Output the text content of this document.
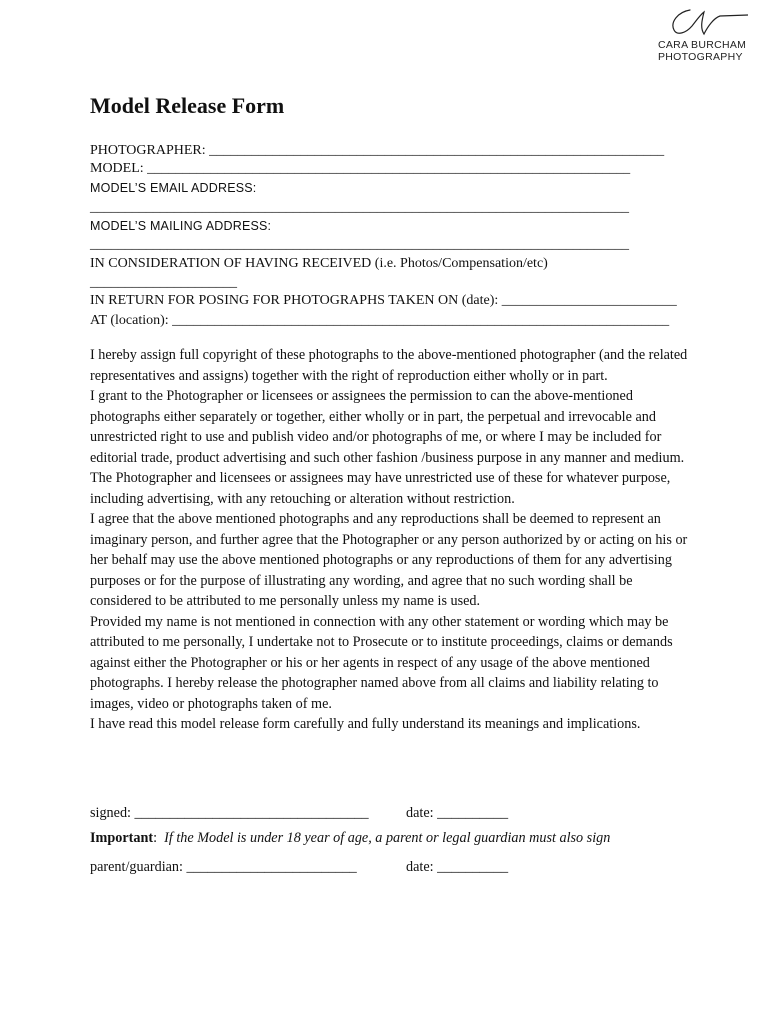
CARA BURCHAM
PHOTOGRAPHY
Model Release Form
PHOTOGRAPHER: _________________________________________________________________
MODEL: _____________________________________________________________________
MODEL’S EMAIL ADDRESS:
_____________________________________________________________________________
MODEL’S MAILING ADDRESS:
_____________________________________________________________________________
IN CONSIDERATION OF HAVING RECEIVED (i.e. Photos/Compensation/etc)
_____________________
IN RETURN FOR POSING FOR PHOTOGRAPHS TAKEN ON (date): _________________________
AT (location): _______________________________________________________________________

I hereby assign full copyright of these photographs to the above-mentioned photographer (and the related representatives and assigns) together with the right of reproduction either wholly or in part.

I grant to the Photographer or licensees or assignees the permission to can the above-mentioned photographs either separately or together, either wholly or in part, the perpetual and irrevocable and unrestricted right to use and publish video and/or photographs of me, or where I may be included for editorial trade, product advertising and such other fashion /business purpose in any manner and medium.

The Photographer and licensees or assignees may have unrestricted use of these for whatever purpose, including advertising, with any retouching or alteration without restriction.

I agree that the above mentioned photographs and any reproductions shall be deemed to represent an imaginary person, and further agree that the Photographer or any person authorized by or acting on his or her behalf may use the above mentioned photographs or any reproductions of them for any advertising purposes or for the purpose of illustrating any wording, and agree that no such wording shall be considered to be attributed to me personally unless my name is used.

Provided my name is not mentioned in connection with any other statement or wording which may be attributed to me personally, I undertake not to Prosecute or to institute proceedings, claims or demands against either the Photographer or his or her agents in respect of any usage of the above mentioned photographs. I hereby release the photographer named above from all claims and liability relating to images, video or photographs taken of me.

I have read this model release form carefully and fully understand its meanings and implications.

signed: _________________________________	date: __________
Important: If the Model is under 18 year of age, a parent or legal guardian must also sign
parent/guardian: ________________________	date: __________
